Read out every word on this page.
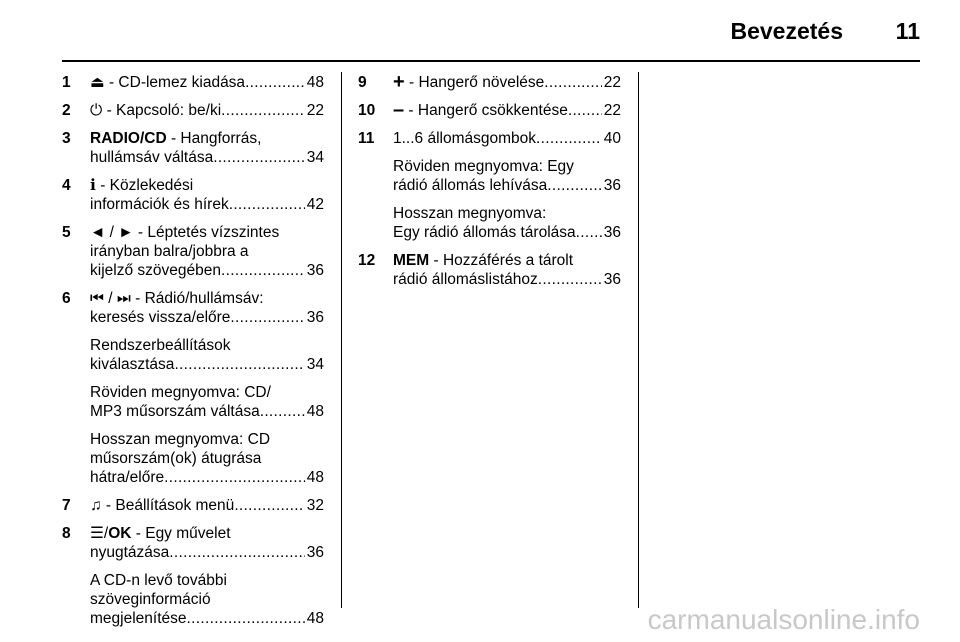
Bevezetés 11
1 ⏏ - CD-lemez kiadása . . .	48
2 ⏻ - Kapcsoló: be/ki . . .	22
3 RADIO/CD - Hangforrás,
hullámsáv váltása . . .	34
4 ℹ - Közlekedési
információk és hírek . . .	42
5 ◄ / ► - Léptetés vízszintes
irányban balra/jobbra a
kijelző szövegében . . .	36
6 ⏮ / ⏭ - Rádió/hullámsáv:
keresés vissza/előre . . .	36
Rendszerbeállítások
kiválasztása . . .	34
Röviden megnyomva: CD/
MP3 műsorszám váltása . . .	48
Hosszan megnyomva: CD
műsorszám(ok) átugrása
hátra/előre . . .	48
7 ♫ - Beállítások menü . . .	32
8 ☰/OK - Egy művelet
nyugtázása . . .	36
A CD-n levő további
szöveginformáció
megjelenítése . . .	48
9 + - Hangerő növelése . . .	22
10 – - Hangerő csökkentése . . . 22
11 1...6 állomásgombok . . .	40
Röviden megnyomva: Egy
rádió állomás lehívása . . .	36
Hosszan megnyomva:
Egy rádió állomás tárolása . . . 36
12 MEM - Hozzáférés a tárolt
rádió állomáslistához . . .	36
carmanualsonline.info
